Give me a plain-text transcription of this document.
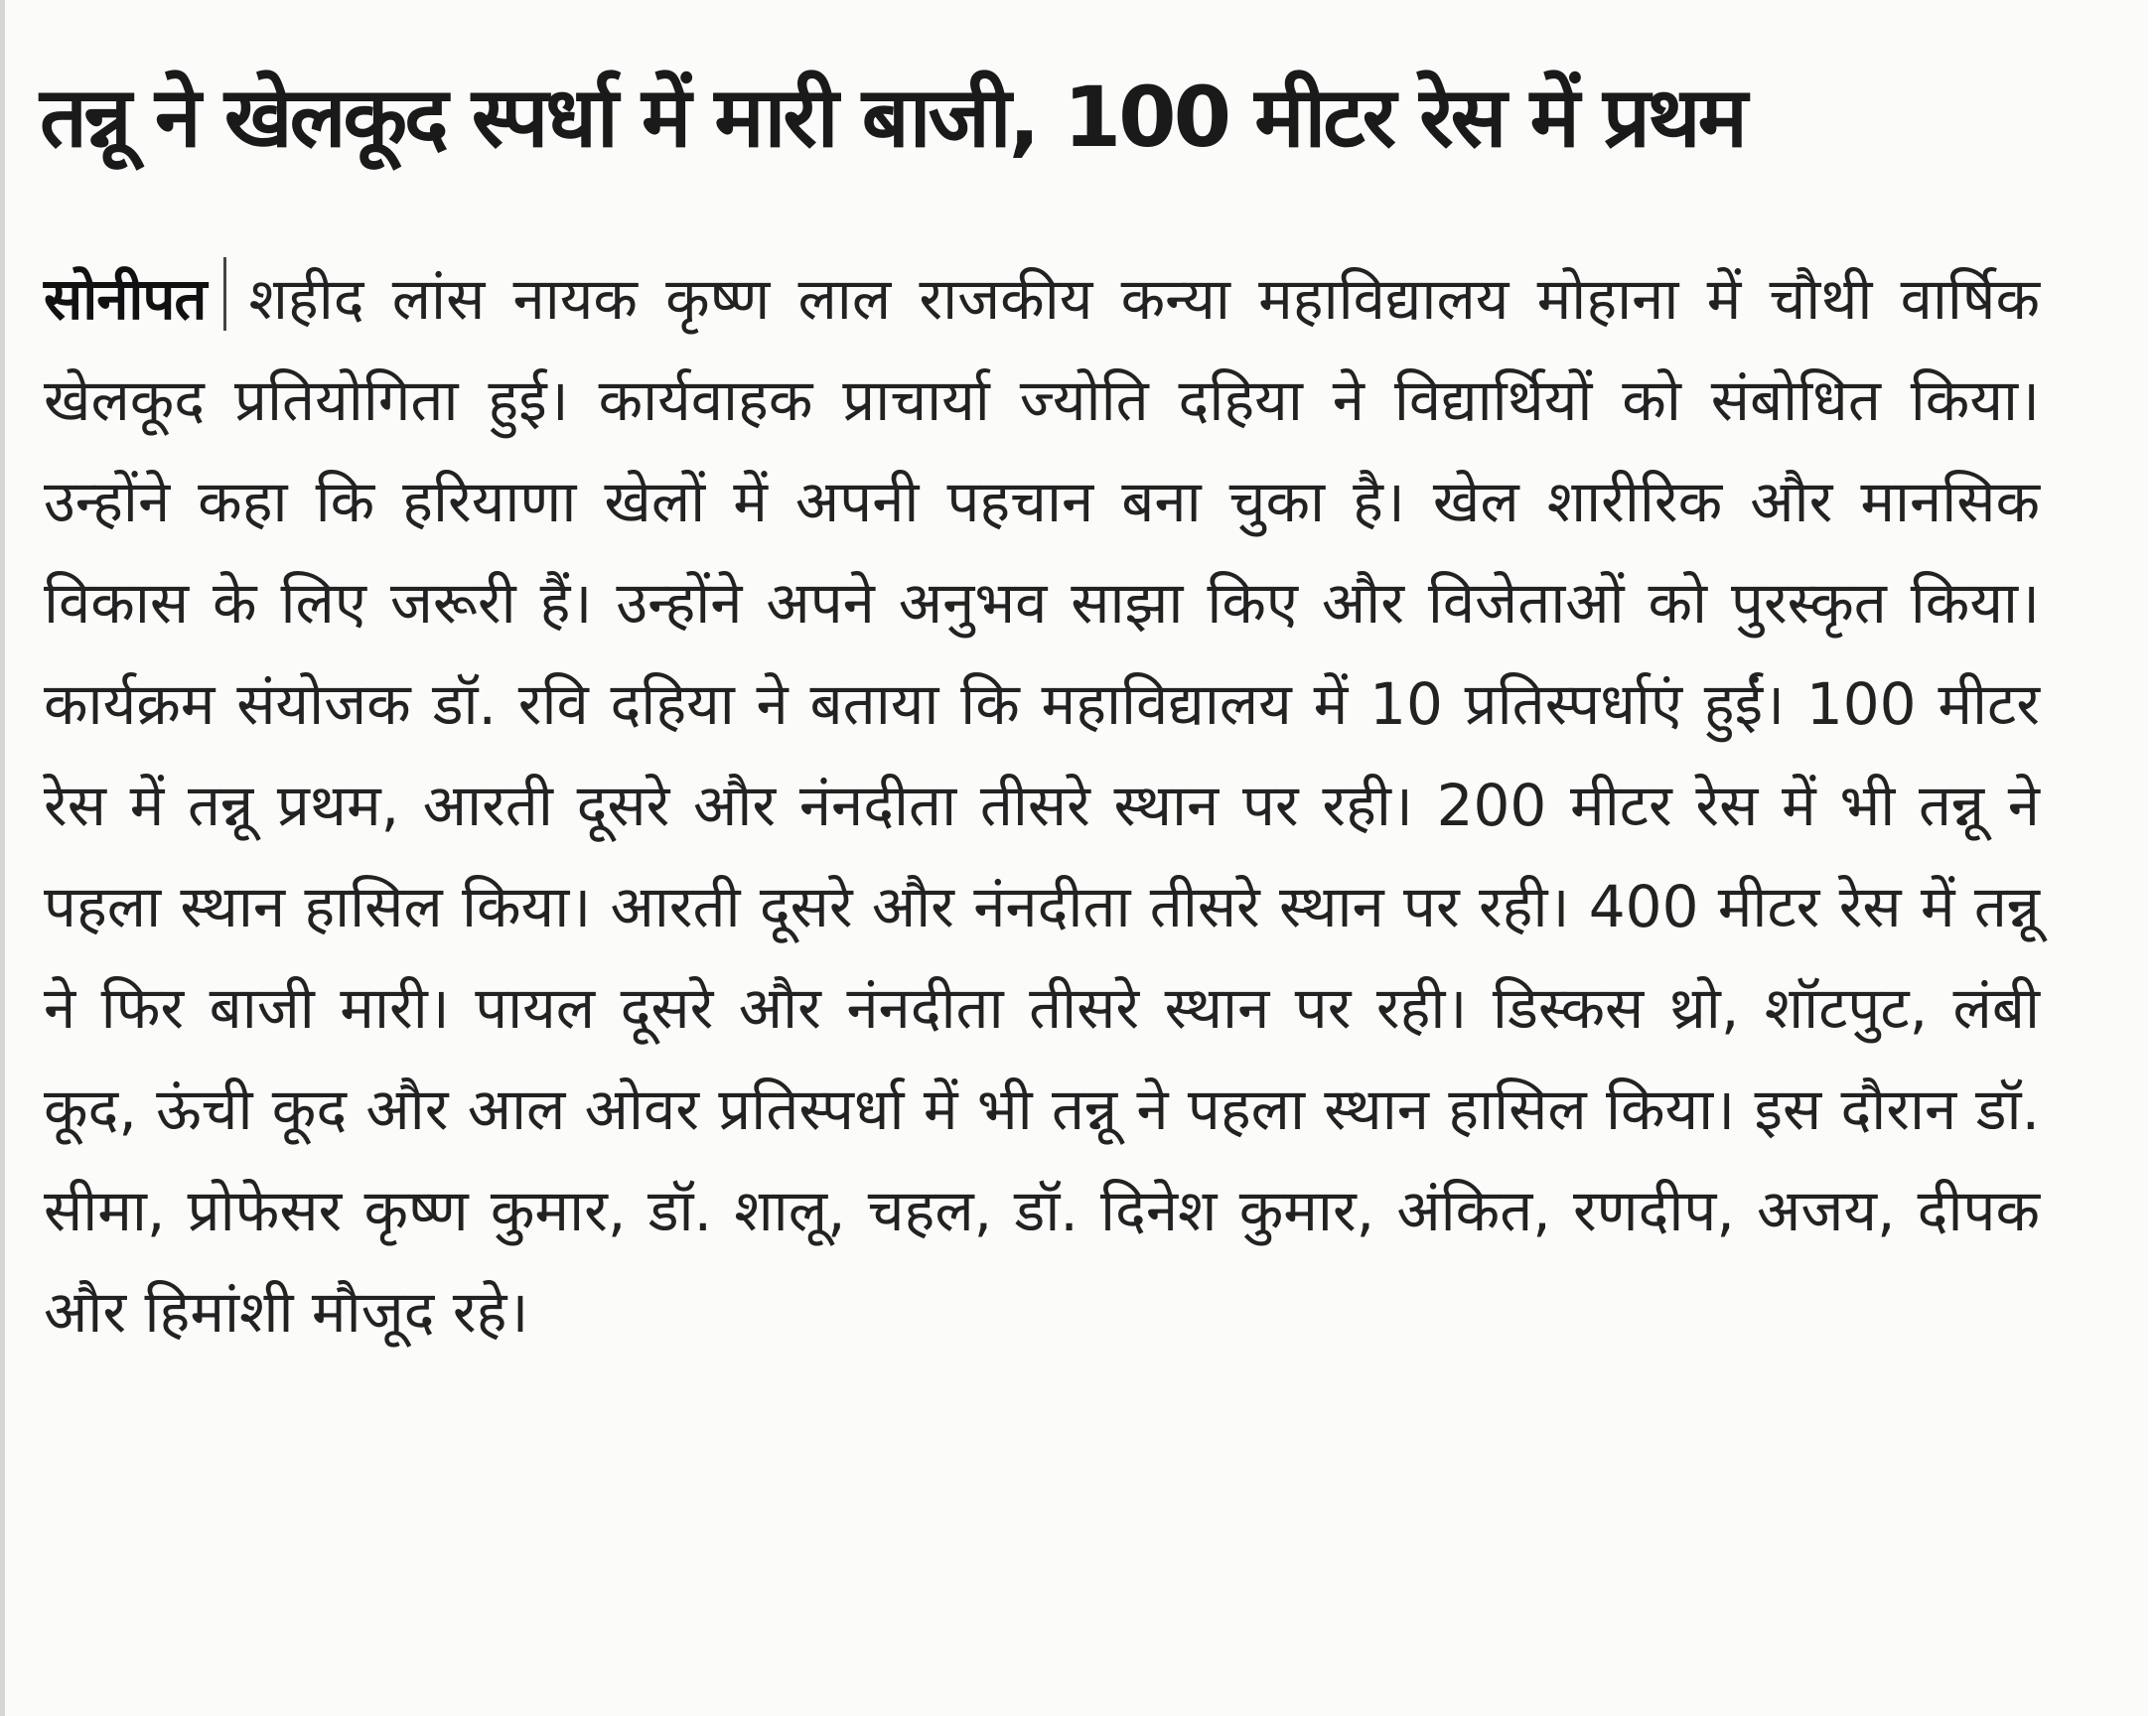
तन्नू ने खेलकूद स्पर्धा में मारी बाजी, 100 मीटर रेस में प्रथम

सोनीपत शहीद लांस नायक कृष्ण लाल राजकीय कन्या महाविद्यालय मोहाना में चौथी वार्षिक खेलकूद प्रतियोगिता हुई। कार्यवाहक प्राचार्या ज्योति दहिया ने विद्यार्थियों को संबोधित किया। उन्होंने कहा कि हरियाणा खेलों में अपनी पहचान बना चुका है। खेल शारीरिक और मानसिक विकास के लिए जरूरी हैं। उन्होंने अपने अनुभव साझा किए और विजेताओं को पुरस्कृत किया। कार्यक्रम संयोजक डॉ. रवि दहिया ने बताया कि महाविद्यालय में 10 प्रतिस्पर्धाएं हुईं। 100 मीटर रेस में तन्नू प्रथम, आरती दूसरे और नंनदीता तीसरे स्थान पर रही। 200 मीटर रेस में भी तन्नू ने पहला स्थान हासिल किया। आरती दूसरे और नंनदीता तीसरे स्थान पर रही। 400 मीटर रेस में तन्नू ने फिर बाजी मारी। पायल दूसरे और नंनदीता तीसरे स्थान पर रही। डिस्कस थ्रो, शॉटपुट, लंबी कूद, ऊंची कूद और आल ओवर प्रतिस्पर्धा में भी तन्नू ने पहला स्थान हासिल किया। इस दौरान डॉ. सीमा, प्रोफेसर कृष्ण कुमार, डॉ. शालू, चहल, डॉ. दिनेश कुमार, अंकित, रणदीप, अजय, दीपक और हिमांशी मौजूद रहे।
